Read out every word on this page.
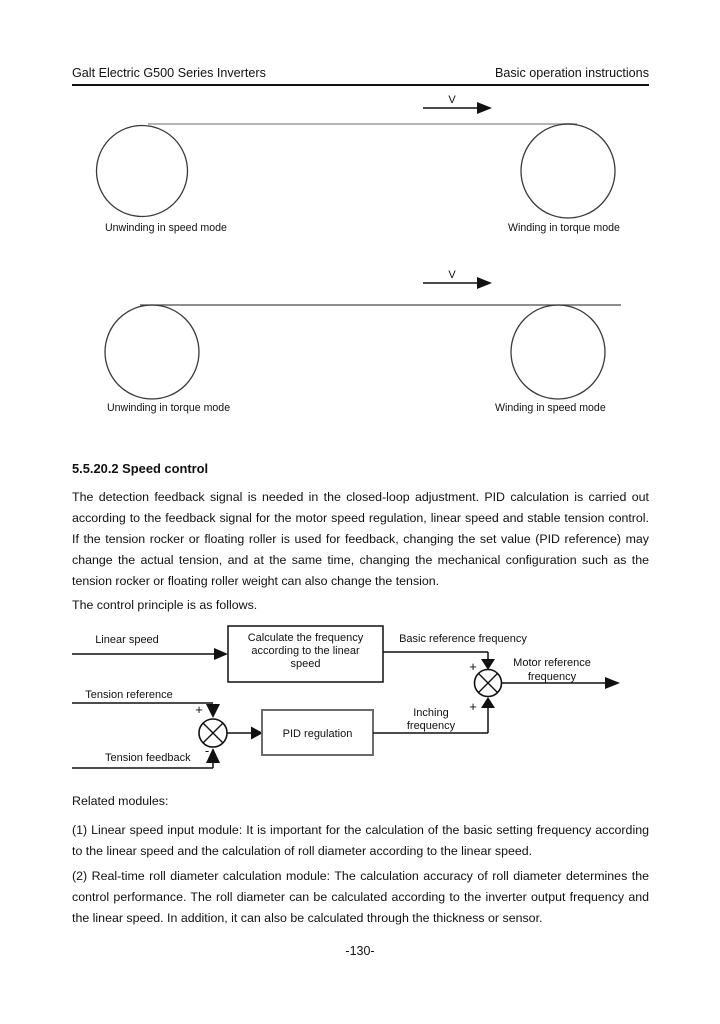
Galt Electric G500 Series Inverters	Basic operation instructions
V
Unwinding in speed mode	Winding in torque mode
V
Unwinding in torque mode	Winding in speed mode
5.5.20.2 Speed control
The detection feedback signal is needed in the closed-loop adjustment. PID calculation is carried out according to the feedback signal for the motor speed regulation, linear speed and stable tension control. If the tension rocker or floating roller is used for feedback, changing the set value (PID reference) may change the actual tension, and at the same time, changing the mechanical configuration such as the tension rocker or floating roller weight can also change the tension.
The control principle is as follows.
Linear speed	Calculate the frequency
according to the linear
speed
Basic reference frequency
+
+
Motor reference
frequency
Tension reference
+
Tension feedback -
PID regulation
Inching
frequency
Related modules:
(1) Linear speed input module: It is important for the calculation of the basic setting frequency according to the linear speed and the calculation of roll diameter according to the linear speed.
(2) Real-time roll diameter calculation module: The calculation accuracy of roll diameter determines the control performance. The roll diameter can be calculated according to the inverter output frequency and the linear speed. In addition, it can also be calculated through the thickness or sensor.
-130-
